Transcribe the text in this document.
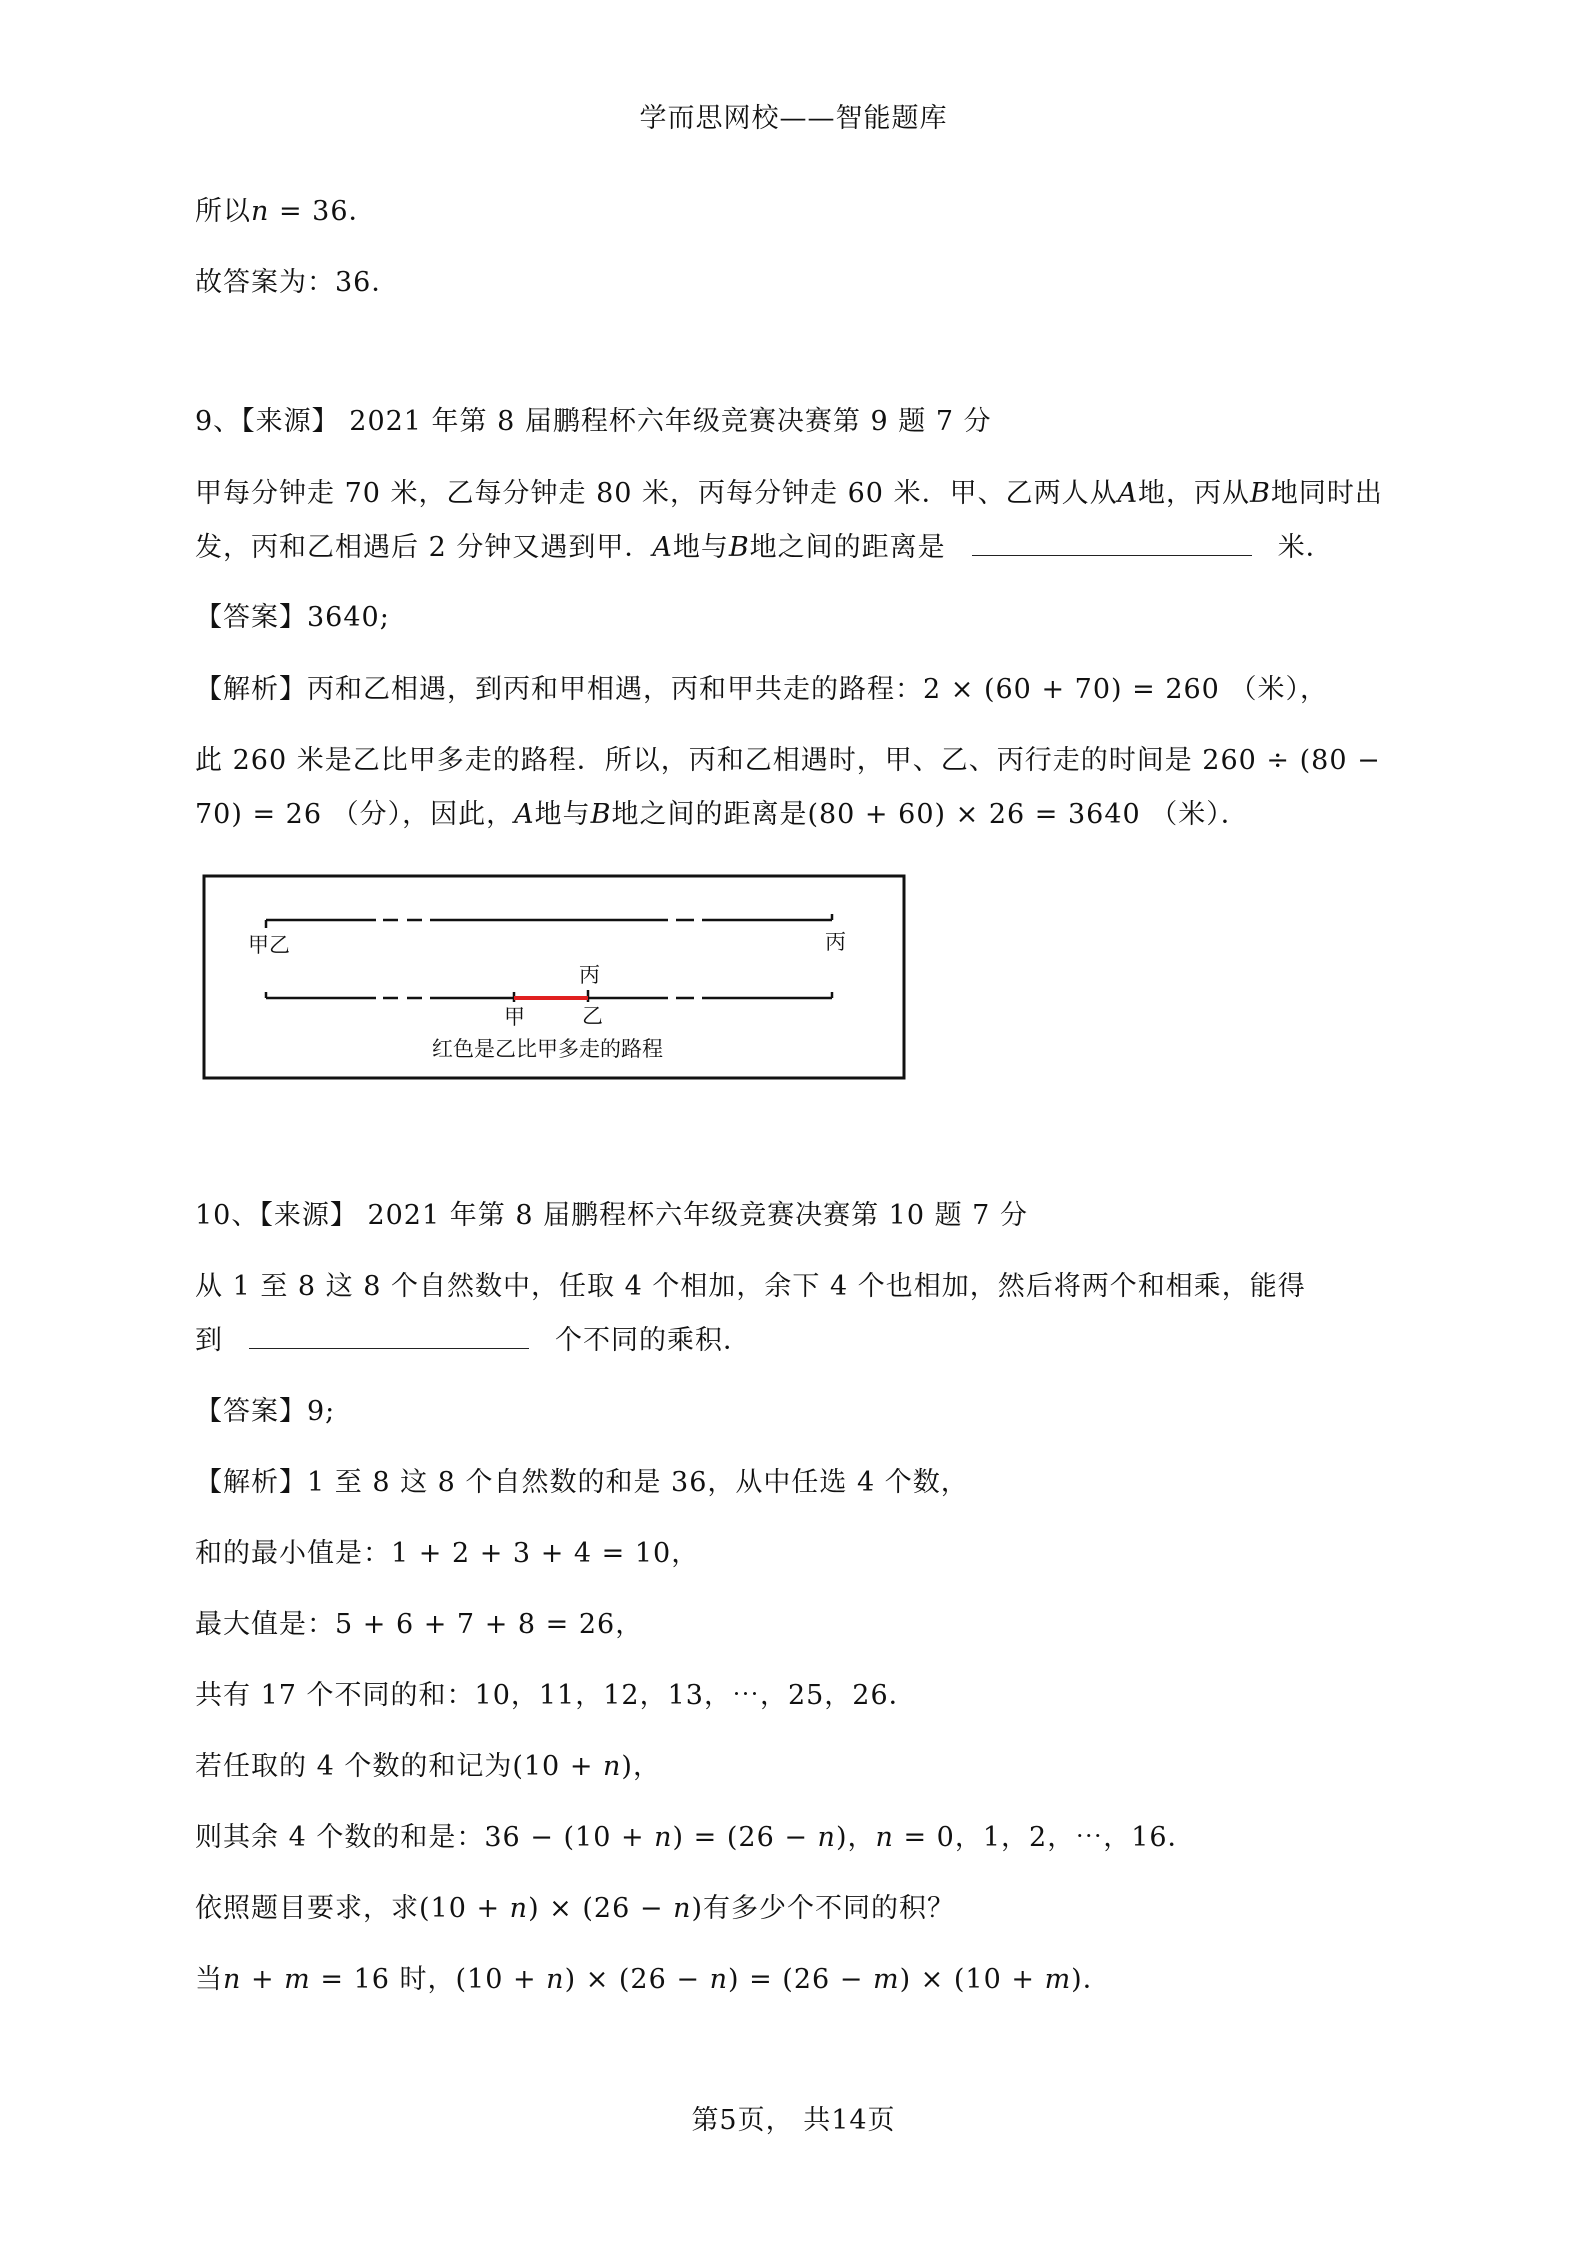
学而思网校——智能题库
所以𝑛 = 36．
故答案为：36．
9、【来源】 2021 年第 8 届鹏程杯六年级竞赛决赛第 9 题 7 分
甲每分钟走 70 米，乙每分钟走 80 米，丙每分钟走 60 米．甲、乙两人从𝐴地，丙从𝐵地同时出
发，丙和乙相遇后 2 分钟又遇到甲．𝐴地与𝐵地之间的距离是	米．
【答案】3640;
【解析】丙和乙相遇，到丙和甲相遇，丙和甲共走的路程：2 × (60 + 70) = 260 （米），
此 260 米是乙比甲多走的路程．所以，丙和乙相遇时，甲、乙、丙行走的时间是 260 ÷ (80 −
70) = 26 （分），因此，𝐴地与𝐵地之间的距离是(80 + 60) × 26 = 3640 （米）．
甲乙	丙
丙
甲	乙
红色是乙比甲多走的路程
10、【来源】 2021 年第 8 届鹏程杯六年级竞赛决赛第 10 题 7 分
从 1 至 8 这 8 个自然数中，任取 4 个相加，余下 4 个也相加，然后将两个和相乘，能得
到	个不同的乘积．
【答案】9;
【解析】1 至 8 这 8 个自然数的和是 36，从中任选 4 个数，
和的最小值是：1 + 2 + 3 + 4 = 10，
最大值是：5 + 6 + 7 + 8 = 26，
共有 17 个不同的和：10，11，12，13，⋯，25，26．
若任取的 4 个数的和记为(10 + 𝑛)，
则其余 4 个数的和是：36 − (10 + 𝑛) = (26 − 𝑛)，𝑛 = 0，1，2，⋯，16．
依照题目要求，求(10 + 𝑛) × (26 − 𝑛)有多少个不同的积？
当𝑛 + 𝑚 = 16 时，(10 + 𝑛) × (26 − 𝑛) = (26 − 𝑚) × (10 + 𝑚)．
第5页， 共14页
